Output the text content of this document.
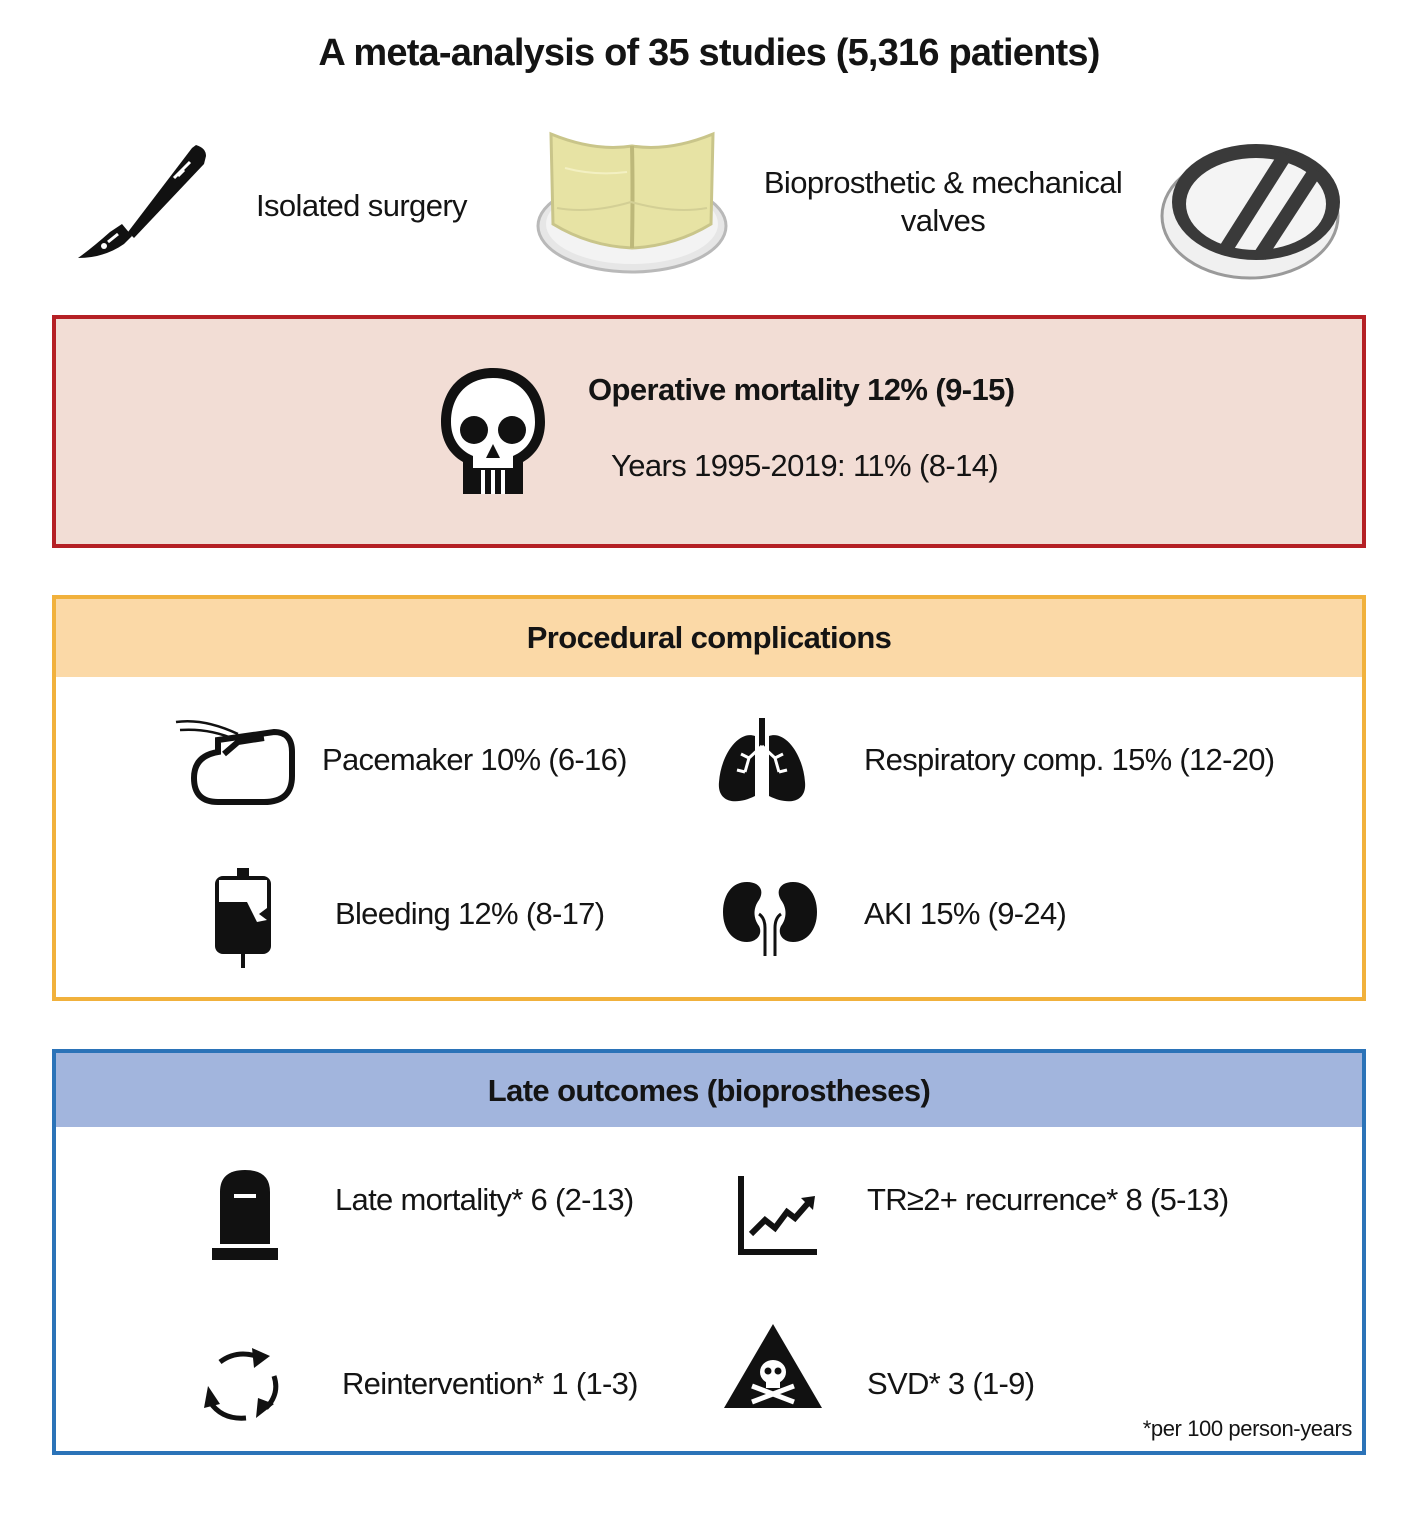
A meta-analysis of 35 studies (5,316 patients)
Isolated surgery
Bioprosthetic & mechanical
valves
Operative mortality 12% (9-15)
Years 1995-2019: 11% (8-14)
Procedural complications
Pacemaker 10% (6-16)	Respiratory comp. 15% (12-20)
Bleeding 12% (8-17)	AKI 15% (9-24)
Late outcomes (bioprostheses)
Late mortality* 6 (2-13)	TR≥2+ recurrence* 8 (5-13)
Reintervention* 1 (1-3)	SVD* 3 (1-9)
*per 100 person-years
